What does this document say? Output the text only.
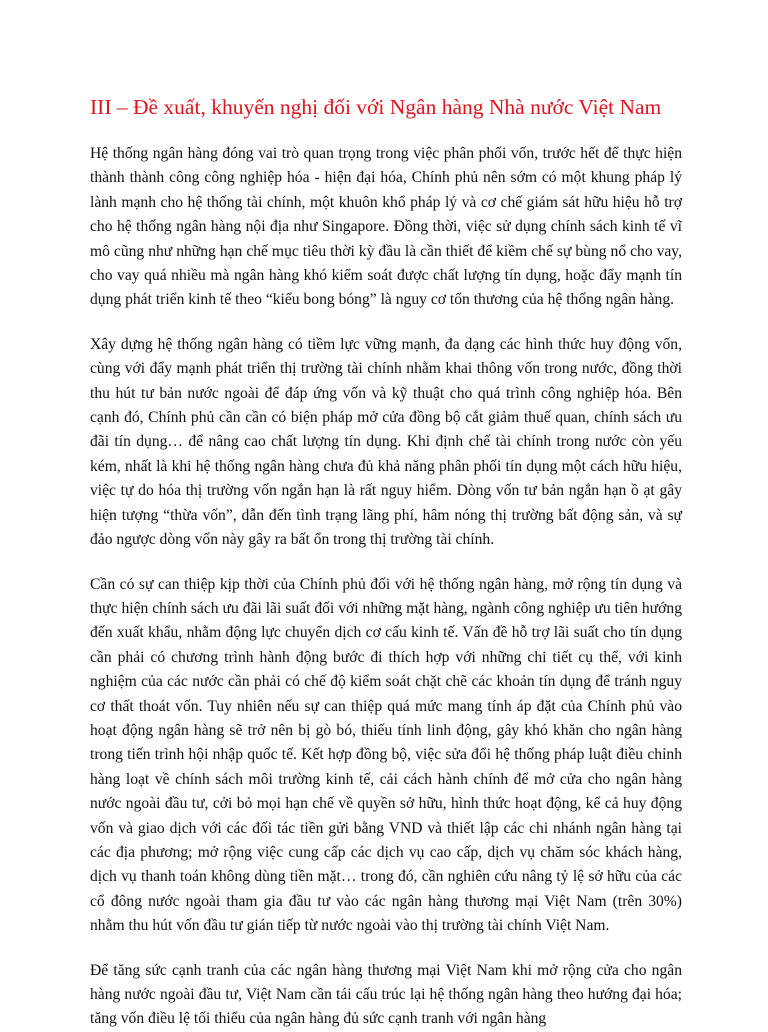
III – Đề xuất, khuyến nghị đối với Ngân hàng Nhà nước Việt Nam

Hệ thống ngân hàng đóng vai trò quan trọng trong việc phân phối vốn, trước hết để thực hiện thành thành công công nghiệp hóa - hiện đại hóa, Chính phủ nên sớm có một khung pháp lý lành mạnh cho hệ thống tài chính, một khuôn khổ pháp lý và cơ chế giám sát hữu hiệu hỗ trợ cho hệ thống ngân hàng nội địa như Singapore. Đồng thời, việc sử dụng chính sách kinh tế vĩ mô cũng như những hạn chế mục tiêu thời kỳ đầu là cần thiết để kiềm chế sự bùng nổ cho vay, cho vay quá nhiều mà ngân hàng khó kiểm soát được chất lượng tín dụng, hoặc đẩy mạnh tín dụng phát triển kinh tế theo “kiểu bong bóng” là nguy cơ tổn thương của hệ thống ngân hàng.

Xây dựng hệ thống ngân hàng có tiềm lực vững mạnh, đa dạng các hình thức huy động vốn, cùng với đẩy mạnh phát triển thị trường tài chính nhằm khai thông vốn trong nước, đồng thời thu hút tư bản nước ngoài để đáp ứng vốn và kỹ thuật cho quá trình công nghiệp hóa. Bên cạnh đó, Chính phủ cần cần có biện pháp mở cửa đồng bộ cắt giảm thuế quan, chính sách ưu đãi tín dụng… để nâng cao chất lượng tín dụng. Khi định chế tài chính trong nước còn yếu kém, nhất là khi hệ thống ngân hàng chưa đủ khả năng phân phối tín dụng một cách hữu hiệu, việc tự do hóa thị trường vốn ngắn hạn là rất nguy hiểm. Dòng vốn tư bản ngắn hạn ồ ạt gây hiện tượng “thừa vốn”, dẫn đến tình trạng lãng phí, hâm nóng thị trường bất động sản, và sự đảo ngược dòng vốn này gây ra bất ổn trong thị trường tài chính.

Cần có sự can thiệp kịp thời của Chính phủ đối với hệ thống ngân hàng, mở rộng tín dụng và thực hiện chính sách ưu đãi lãi suất đối với những mặt hàng, ngành công nghiệp ưu tiên hướng đến xuất khẩu, nhằm động lực chuyển dịch cơ cấu kinh tế. Vấn đề hỗ trợ lãi suất cho tín dụng cần phải có chương trình hành động bước đi thích hợp với những chi tiết cụ thể, với kinh nghiệm của các nước cần phải có chế độ kiểm soát chặt chẽ các khoản tín dụng để tránh nguy cơ thất thoát vốn. Tuy nhiên nếu sự can thiệp quá mức mang tính áp đặt của Chính phủ vào hoạt động ngân hàng sẽ trở nên bị gò bó, thiếu tính linh động, gây khó khăn cho ngân hàng trong tiến trình hội nhập quốc tế. Kết hợp đồng bộ, việc sửa đổi hệ thống pháp luật điều chỉnh hàng loạt về chính sách môi trường kinh tế, cải cách hành chính để mở cửa cho ngân hàng nước ngoài đầu tư, cởi bỏ mọi hạn chế về quyền sở hữu, hình thức hoạt động, kể cả huy động vốn và giao dịch với các đối tác tiền gửi bằng VND và thiết lập các chi nhánh ngân hàng tại các địa phương; mở rộng việc cung cấp các dịch vụ cao cấp, dịch vụ chăm sóc khách hàng, dịch vụ thanh toán không dùng tiền mặt… trong đó, cần nghiên cứu nâng tỷ lệ sở hữu của các cổ đông nước ngoài tham gia đầu tư vào các ngân hàng thương mại Việt Nam (trên 30%) nhằm thu hút vốn đầu tư gián tiếp từ nước ngoài vào thị trường tài chính Việt Nam.

Để tăng sức cạnh tranh của các ngân hàng thương mại Việt Nam khi mở rộng cửa cho ngân hàng nước ngoài đầu tư, Việt Nam cần tái cấu trúc lại hệ thống ngân hàng theo hướng đại hóa; tăng vốn điều lệ tối thiểu của ngân hàng đủ sức cạnh tranh với ngân hàng
